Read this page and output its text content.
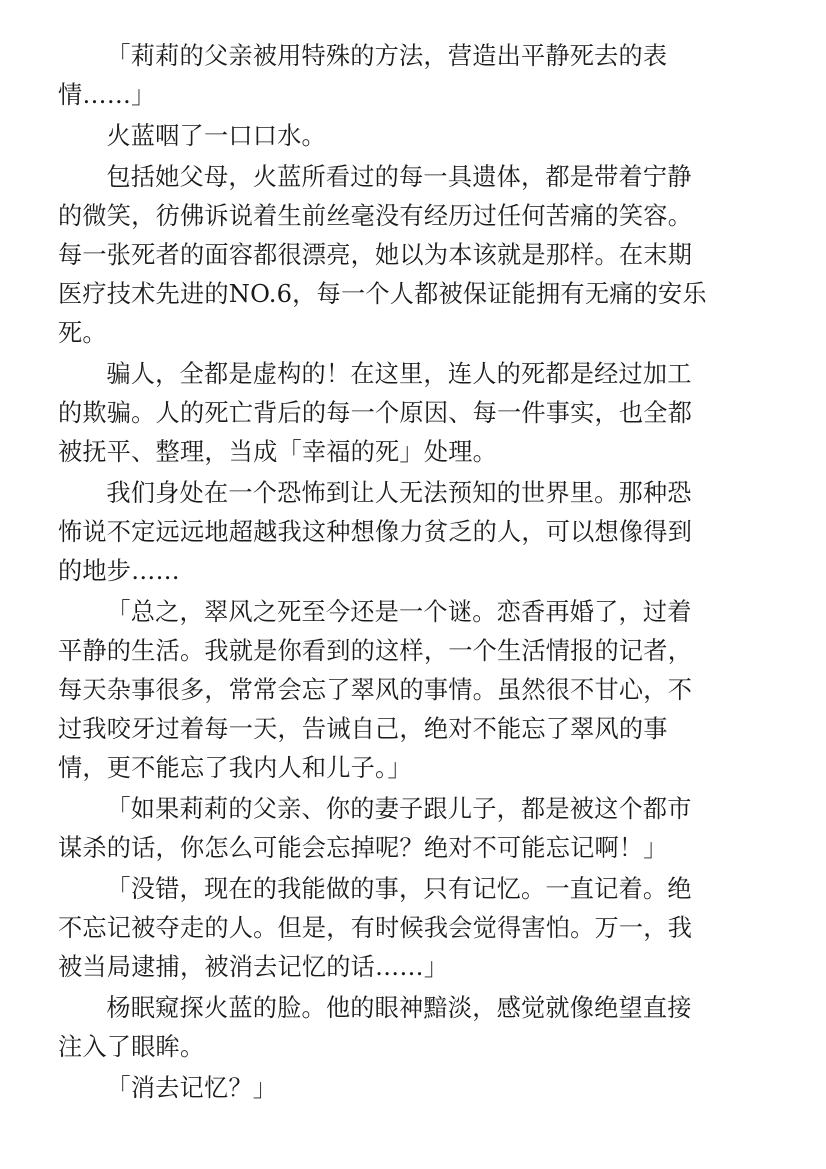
「莉莉的父亲被用特殊的方法，营造出平静死去的表
情……」

火蓝咽了一口口水。

包括她父母，火蓝所看过的每一具遗体，都是带着宁静
的微笑，彷佛诉说着生前丝毫没有经历过任何苦痛的笑容。
每一张死者的面容都很漂亮，她以为本该就是那样。在末期
医疗技术先进的NO.6，每一个人都被保证能拥有无痛的安乐
死。

骗人，全都是虚构的！在这里，连人的死都是经过加工
的欺骗。人的死亡背后的每一个原因、每一件事实，也全都
被抚平、整理，当成「幸福的死」处理。

我们身处在一个恐怖到让人无法预知的世界里。那种恐
怖说不定远远地超越我这种想像力贫乏的人，可以想像得到
的地步……

「总之，翠风之死至今还是一个谜。恋香再婚了，过着
平静的生活。我就是你看到的这样，一个生活情报的记者，
每天杂事很多，常常会忘了翠风的事情。虽然很不甘心，不
过我咬牙过着每一天，告诫自己，绝对不能忘了翠风的事
情，更不能忘了我内人和儿子。」

「如果莉莉的父亲、你的妻子跟儿子，都是被这个都市
谋杀的话，你怎么可能会忘掉呢？绝对不可能忘记啊！」

「没错，现在的我能做的事，只有记忆。一直记着。绝
不忘记被夺走的人。但是，有时候我会觉得害怕。万一，我
被当局逮捕，被消去记忆的话……」

杨眠窥探火蓝的脸。他的眼神黯淡，感觉就像绝望直接
注入了眼眸。

「消去记忆？」
